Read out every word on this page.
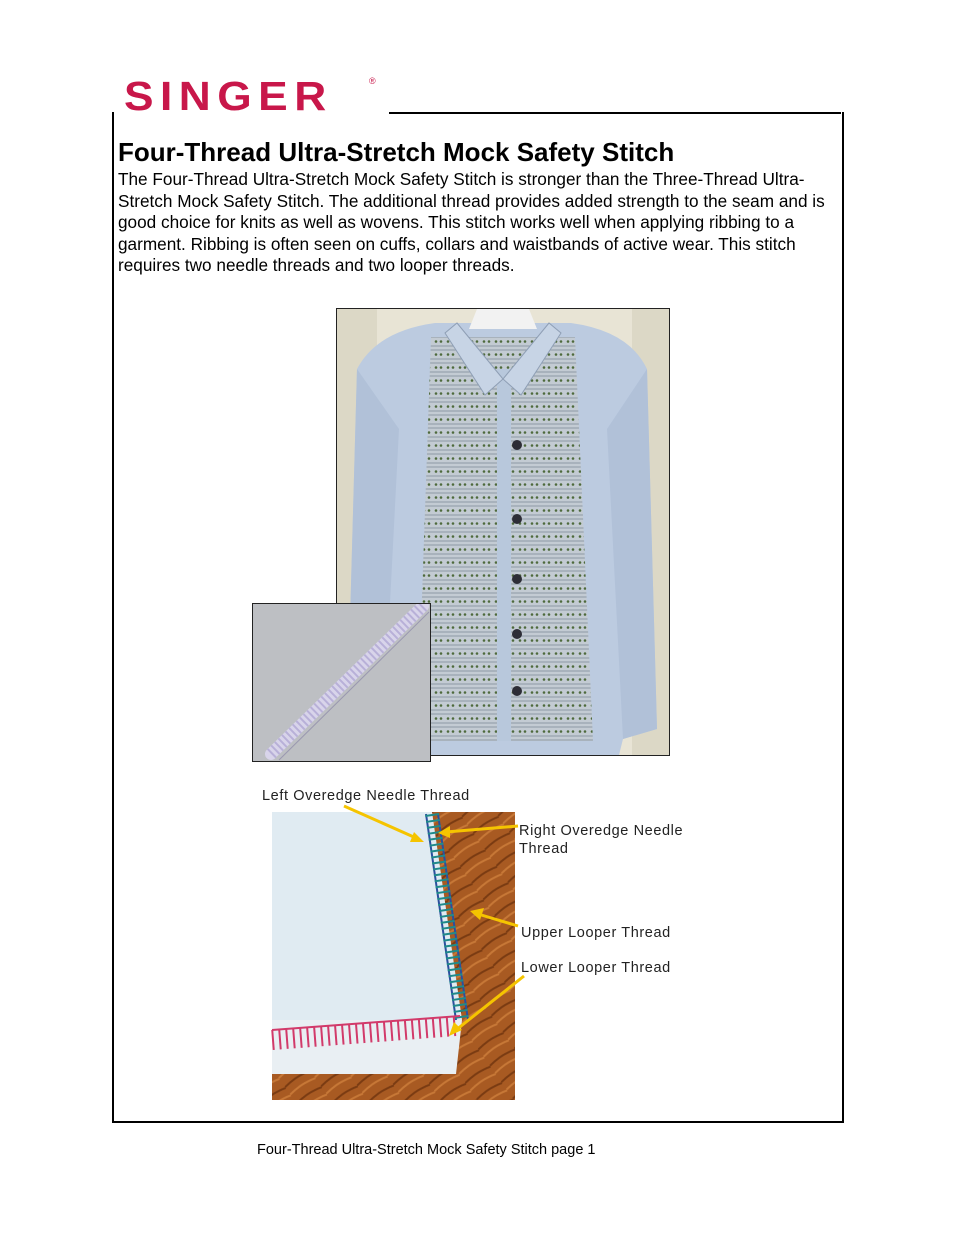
SINGER	®
Four-Thread Ultra-Stretch Mock Safety Stitch

The Four-Thread Ultra-Stretch Mock Safety Stitch is stronger than the Three-Thread Ultra-Stretch Mock Safety Stitch. The additional thread provides added strength to the seam and is good choice for knits as well as wovens. This stitch works well when applying ribbing to a garment. Ribbing is often seen on cuffs, collars and waistbands of active wear. This stitch requires two needle threads and two looper threads.

Left Overedge Needle Thread
Right Overedge Needle
Thread
Upper Looper Thread
Lower Looper Thread
Four-Thread Ultra-Stretch Mock Safety Stitch page 1
